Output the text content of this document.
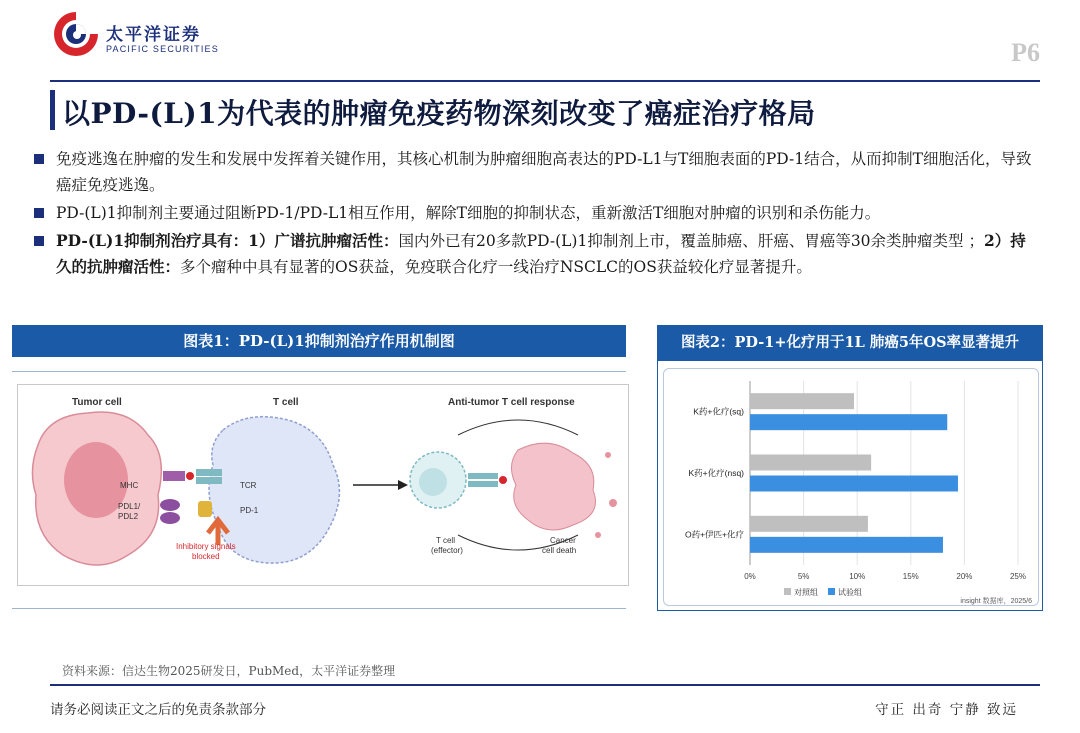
太平洋证券
PACIFIC SECURITIES	P6
以PD-(L)1为代表的肿瘤免疫药物深刻改变了癌症治疗格局
免疫逃逸在肿瘤的发生和发展中发挥着关键作用，其核心机制为肿瘤细胞高表达的PD-L1与T细胞表面的PD-1结合，从而抑制T细胞活化，导致癌症免疫逃逸。
PD-(L)1抑制剂主要通过阻断PD-1/PD-L1相互作用，解除T细胞的抑制状态，重新激活T细胞对肿瘤的识别和杀伤能力。
PD-(L)1抑制剂治疗具有：1）广谱抗肿瘤活性：国内外已有20多款PD-(L)1抑制剂上市，覆盖肺癌、肝癌、胃癌等30余类肿瘤类型 ；2）持久的抗肿瘤活性：多个瘤种中具有显著的OS获益，免疫联合化疗一线治疗NSCLC的OS获益较化疗显著提升。
图表1：PD-(L)1抑制剂治疗作用机制图
Tumor cell	T cell	Anti-tumor T cell response
MHC	TCR
PDL1/
PDL2
PD-1
Inhibitory signals
blocked
T cell
(effector)
Cancer
cell death
图表2：PD-1+化疗用于1L 肺癌5年OS率显著提升
0%	5%	10%	15%	20%	25%
K药+化疗(sq)
K药+化疗(nsq)
O药+伊匹+化疗
对照组	试验组
insight 数据库，2025/6
资料来源：信达生物2025研发日，PubMed，太平洋证券整理
请务必阅读正文之后的免责条款部分	守正 出奇 宁静 致远
